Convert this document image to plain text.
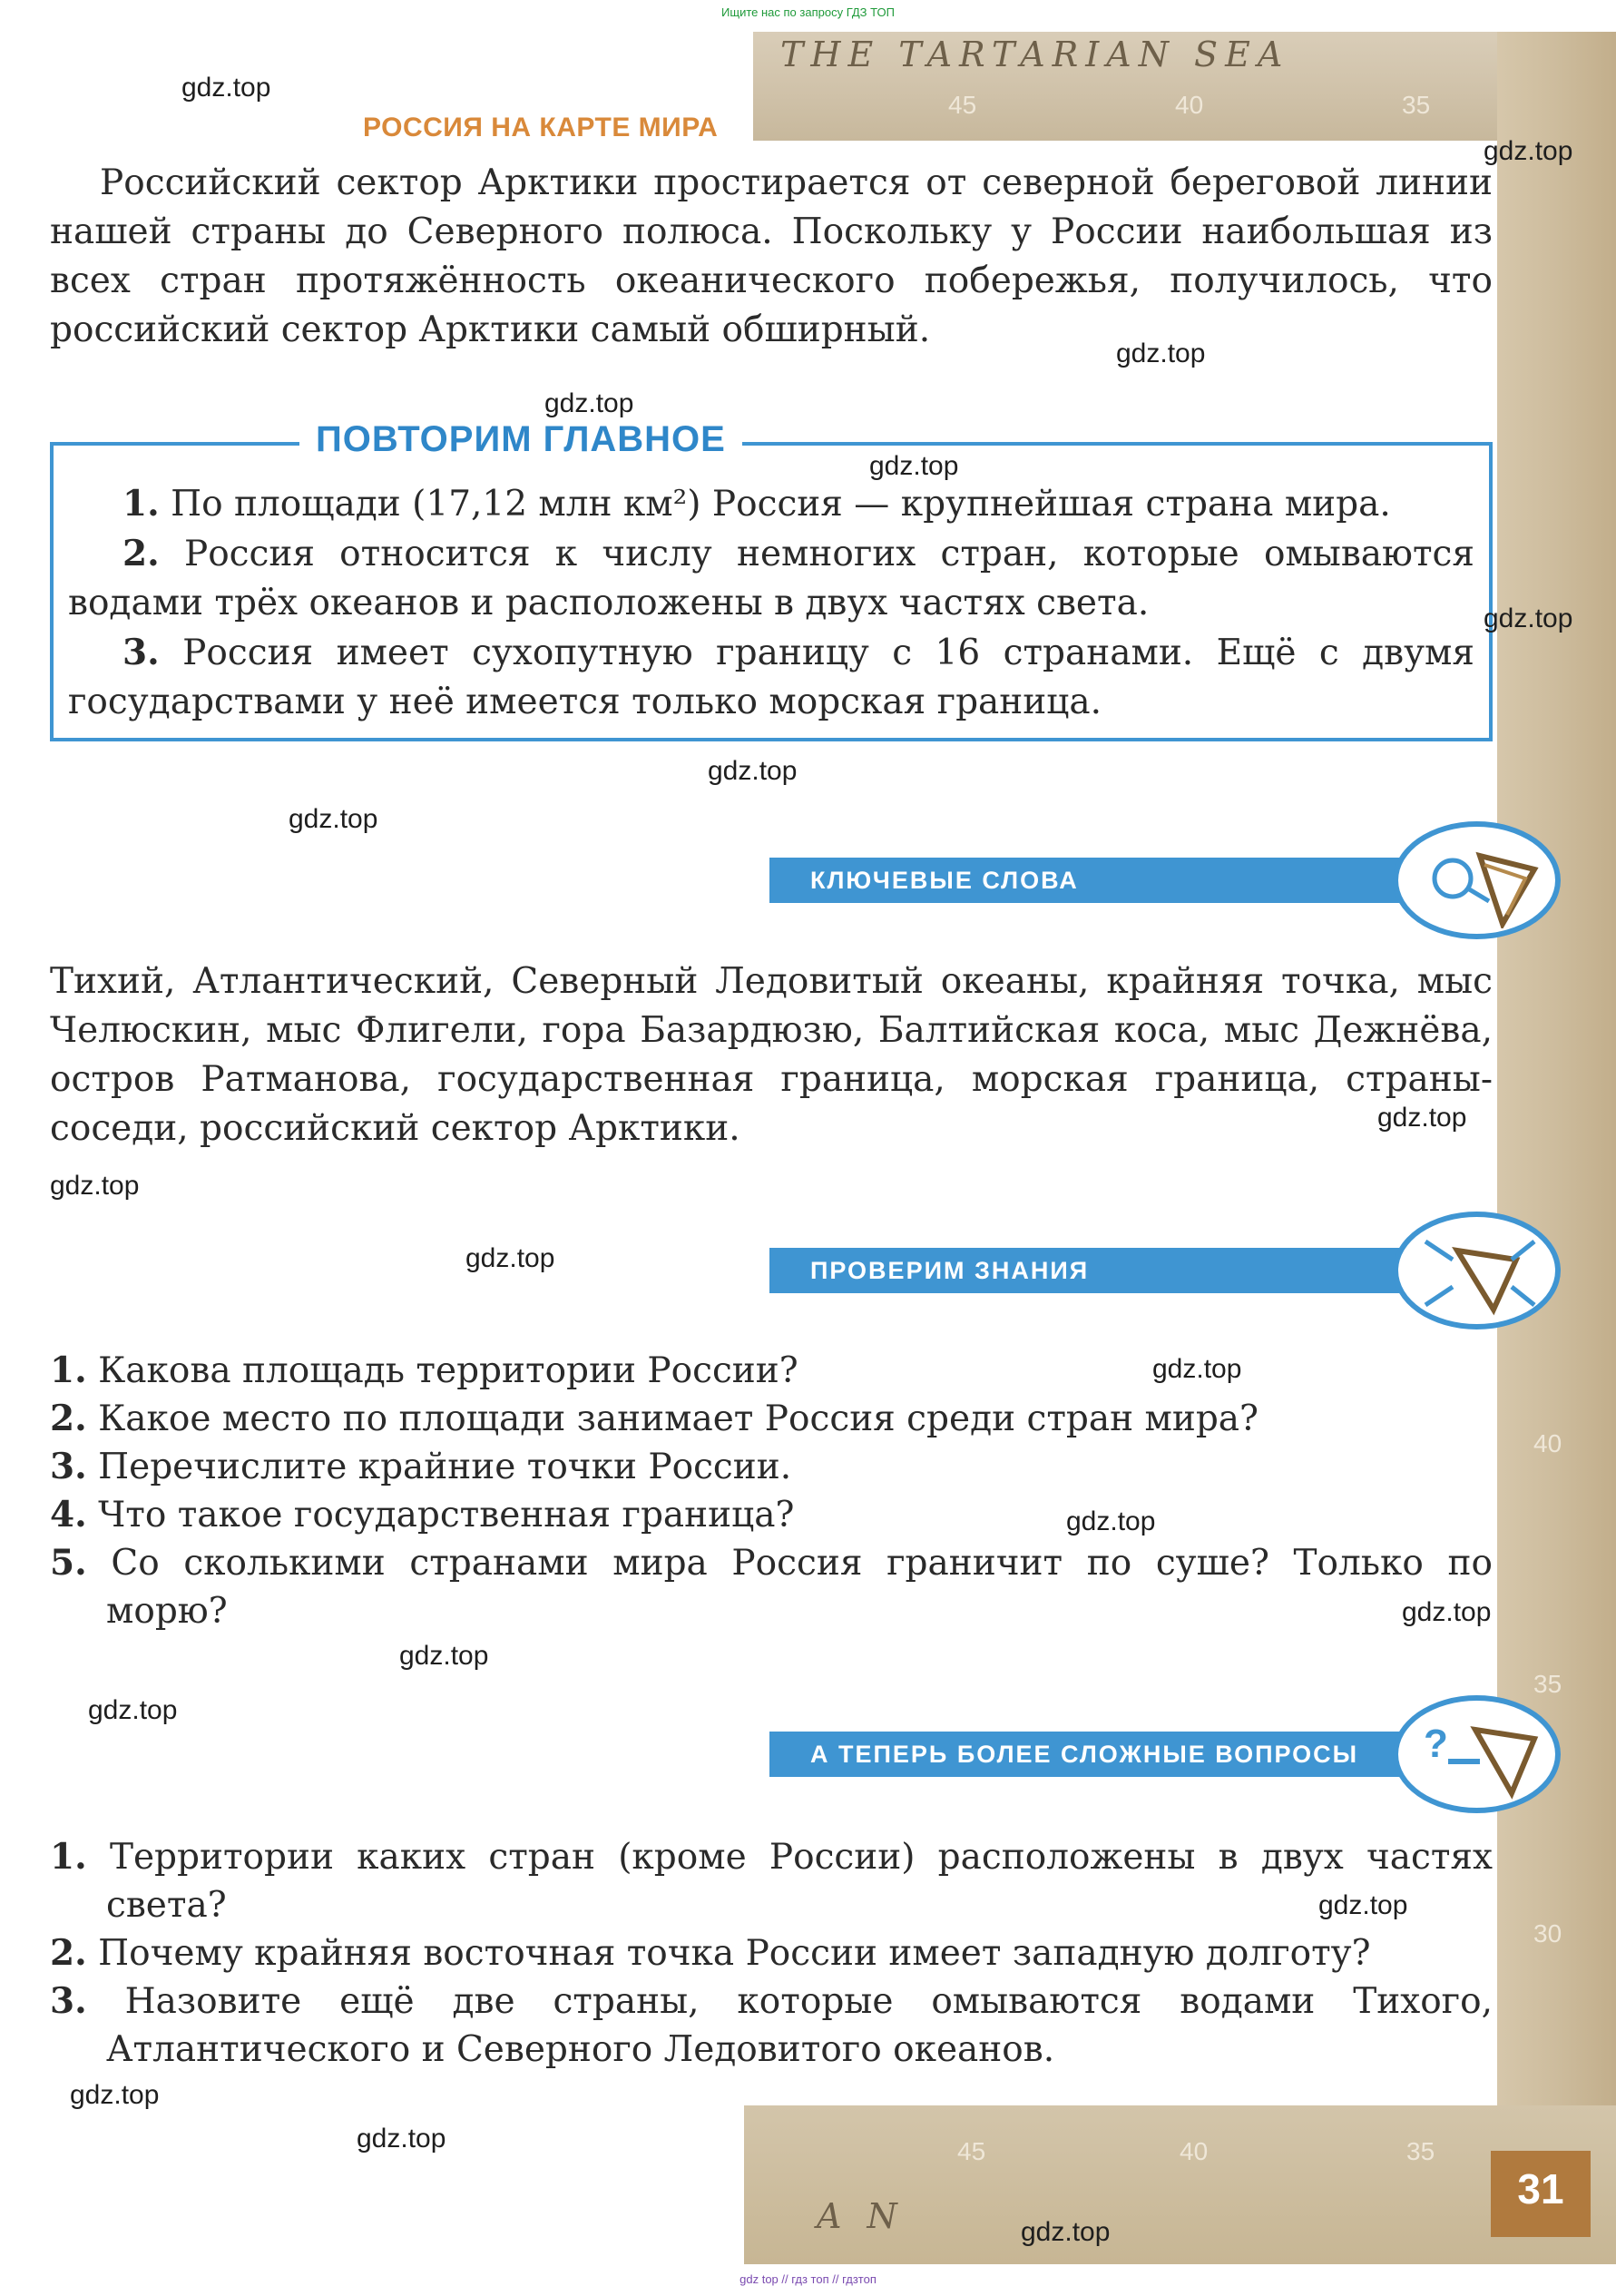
THE TARTARIAN SEA
A N
45	40	35
45	40	35
40
35
30
Ищите нас по запросу ГДЗ ТОП
РОССИЯ НА КАРТЕ МИРА

Российский сектор Арктики простирается от северной береговой линии нашей страны до Северного полюса. Поскольку у России наибольшая из всех стран протяжённость океанического побережья, получилось, что российский сектор Арктики самый обширный.

ПОВТОРИМ ГЛАВНОЕ
1. По площади (17,12 млн км²) Россия — крупнейшая страна мира.
2. Россия относится к числу немногих стран, которые омываются водами трёх океанов и расположены в двух частях света.
3. Россия имеет сухопутную границу с 16 странами. Ещё с двумя государствами у неё имеется только морская граница.
КЛЮЧЕВЫЕ СЛОВА

Тихий, Атлантический, Северный Ледовитый океаны, крайняя точка, мыс Челюскин, мыс Флигели, гора Базардюзю, Балтийская коса, мыс Дежнёва, остров Ратманова, государственная граница, морская граница, страны-соседи, российский сектор Арктики.

ПРОВЕРИМ ЗНАНИЯ
1. Какова площадь территории России?
2. Какое место по площади занимает Россия среди стран мира?
3. Перечислите крайние точки России.
4. Что такое государственная граница?
5. Со сколькими странами мира Россия граничит по суше? Только по морю?
А ТЕПЕРЬ БОЛЕЕ СЛОЖНЫЕ ВОПРОСЫ	?
1. Территории каких стран (кроме России) расположены в двух частях света?
2. Почему крайняя восточная точка России имеет западную долготу?
3. Назовите ещё две страны, которые омываются водами Тихого, Атлантического и Северного Ледовитого океанов.
31
gdz.top
gdz.top
gdz.top
gdz.top
gdz.top
gdz.top
gdz.top
gdz.top
gdz.top
gdz.top
gdz.top
gdz.top
gdz.top
gdz.top
gdz.top
gdz.top
gdz.top
gdz.top
gdz.top
gdz.top
gdz top // гдз топ // гдзтоп
